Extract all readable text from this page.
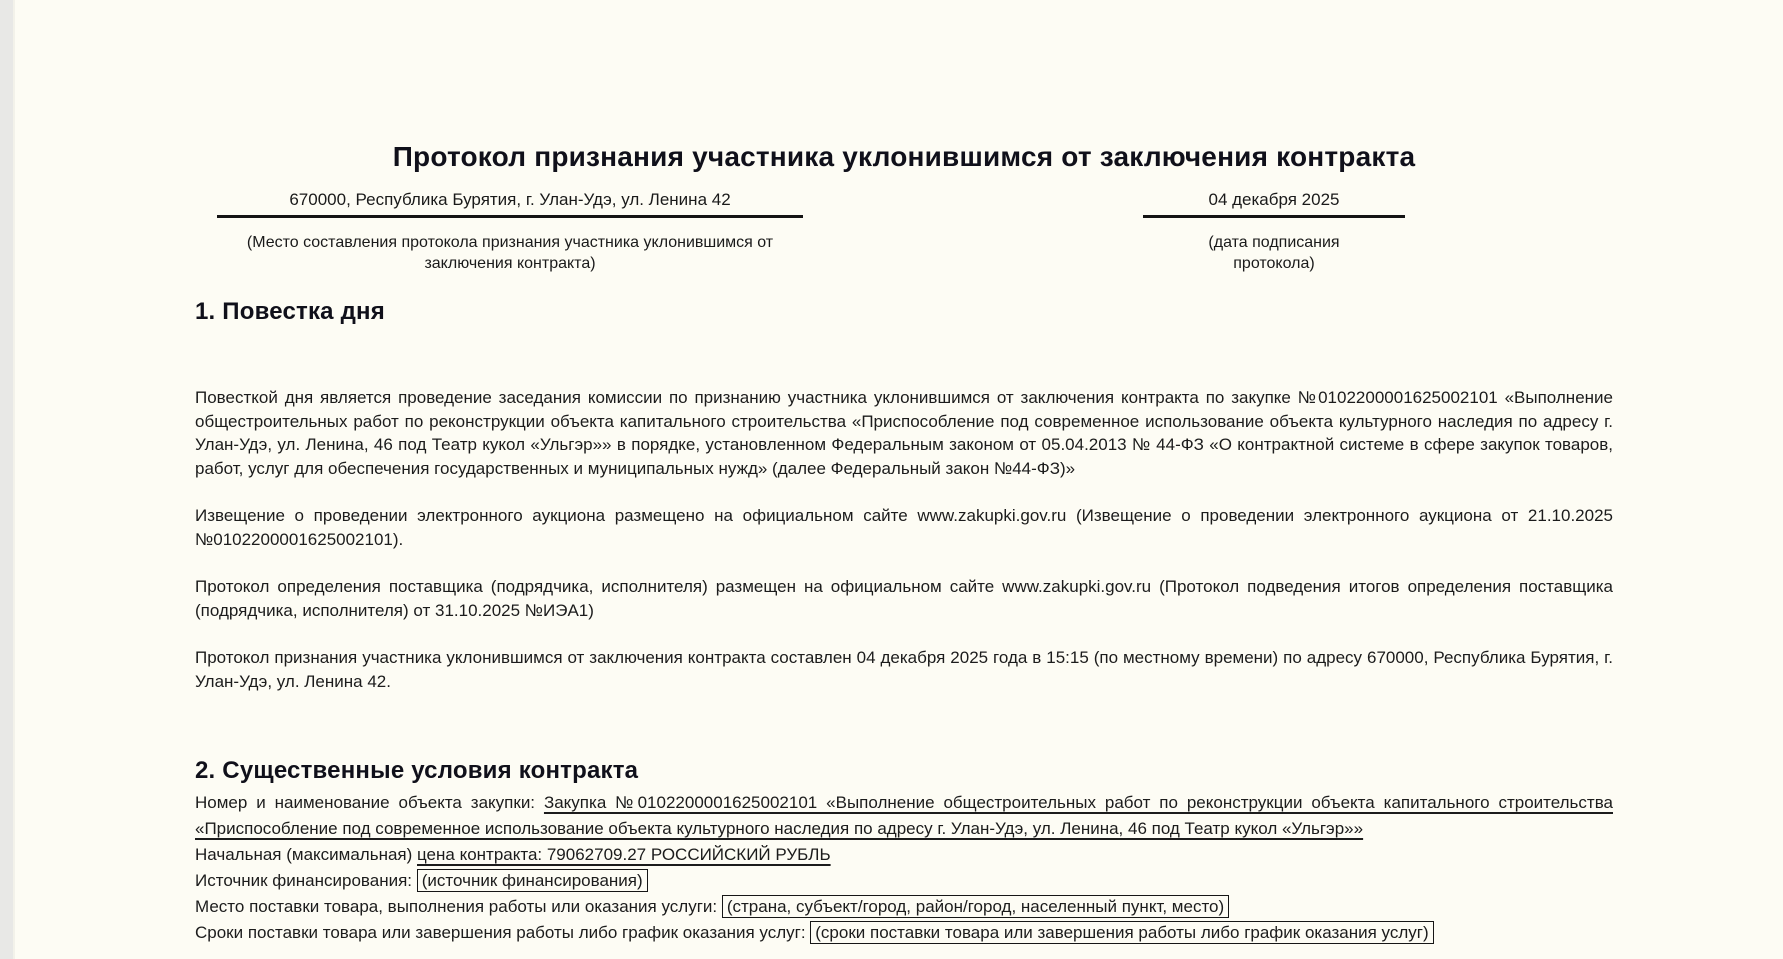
Протокол признания участника уклонившимся от заключения контракта
670000, Республика Бурятия, г. Улан-Удэ, ул. Ленина 42	04 декабря 2025
(Место составления протокола признания участника уклонившимся от заключения контракта)
(дата подписания протокола)
1. Повестка дня

Повесткой дня является проведение заседания комиссии по признанию участника уклонившимся от заключения контракта по закупке №0102200001625002101 «Выполнение общестроительных работ по реконструкции объекта капитального строительства «Приспособление под современное использование объекта культурного наследия по адресу г. Улан-Удэ, ул. Ленина, 46 под Театр кукол «Ульгэр»» в порядке, установленном Федеральным законом от 05.04.2013 № 44-ФЗ «О контрактной системе в сфере закупок товаров, работ, услуг для обеспечения государственных и муниципальных нужд» (далее Федеральный закон №44-ФЗ)»

Извещение о проведении электронного аукциона размещено на официальном сайте www.zakupki.gov.ru (Извещение о проведении электронного аукциона от 21.10.2025 №0102200001625002101).

Протокол определения поставщика (подрядчика, исполнителя) размещен на официальном сайте www.zakupki.gov.ru (Протокол подведения итогов определения поставщика (подрядчика, исполнителя) от 31.10.2025 №ИЭА1)

Протокол признания участника уклонившимся от заключения контракта составлен 04 декабря 2025 года в 15:15 (по местному времени) по адресу 670000, Республика Бурятия, г. Улан-Удэ, ул. Ленина 42.

2. Существенные условия контракта
Номер и наименование объекта закупки: Закупка №0102200001625002101 «Выполнение общестроительных работ по реконструкции объекта капитального строительства «Приспособление под современное использование объекта культурного наследия по адресу г. Улан-Удэ, ул. Ленина, 46 под Театр кукол «Ульгэр»»
Начальная (максимальная) цена контракта: 79062709.27 РОССИЙСКИЙ РУБЛЬ
Источник финансирования: (источник финансирования)
Место поставки товара, выполнения работы или оказания услуги: (страна, субъект/город, район/город, населенный пункт, место)
Сроки поставки товара или завершения работы либо график оказания услуг: (сроки поставки товара или завершения работы либо график оказания услуг)
